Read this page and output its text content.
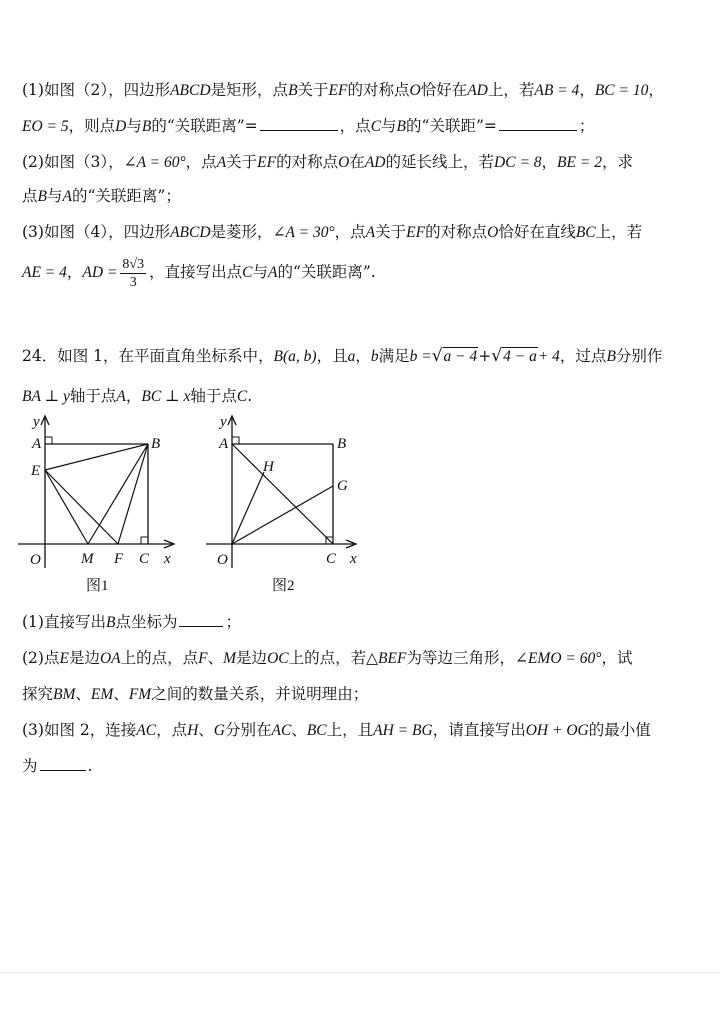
(1)如图（2），四边形ABCD是矩形，点B关于EF的对称点O恰好在AD上，若AB = 4，BC = 10，
EO = 5，则点D与B的“关联距离”=	，点C与B的“关联距”=	；
(2)如图（3），∠A = 60°，点A关于EF的对称点O在AD的延长线上，若DC = 8，BE = 2，求
点B与A的“关联距离”；
(3)如图（4），四边形ABCD是菱形，∠A = 30°，点A关于EF的对称点O恰好在直线BC上，若
AE = 4，AD = $\frac{8√3}{3}$ ，直接写出点C与A的“关联距离”.
24．如图 1，在平面直角坐标系中，B(a, b)，且a，b满足b =√a − 4+√4 − a+ 4，过点B分别作
BA ⊥ y轴于点A，BC ⊥ x轴于点C.
y
A	B
E
O	M F C x
图1
y
A	B
H
G
O	C x
图2
(1)直接写出B点坐标为	；
(2)点E是边OA上的点，点F、M是边OC上的点，若△BEF为等边三角形，∠EMO = 60°，试
探究BM、EM、FM之间的数量关系，并说明理由；
(3)如图 2，连接AC，点H、G分别在AC、BC上，且AH = BG，请直接写出OH + OG的最小值
为	.
